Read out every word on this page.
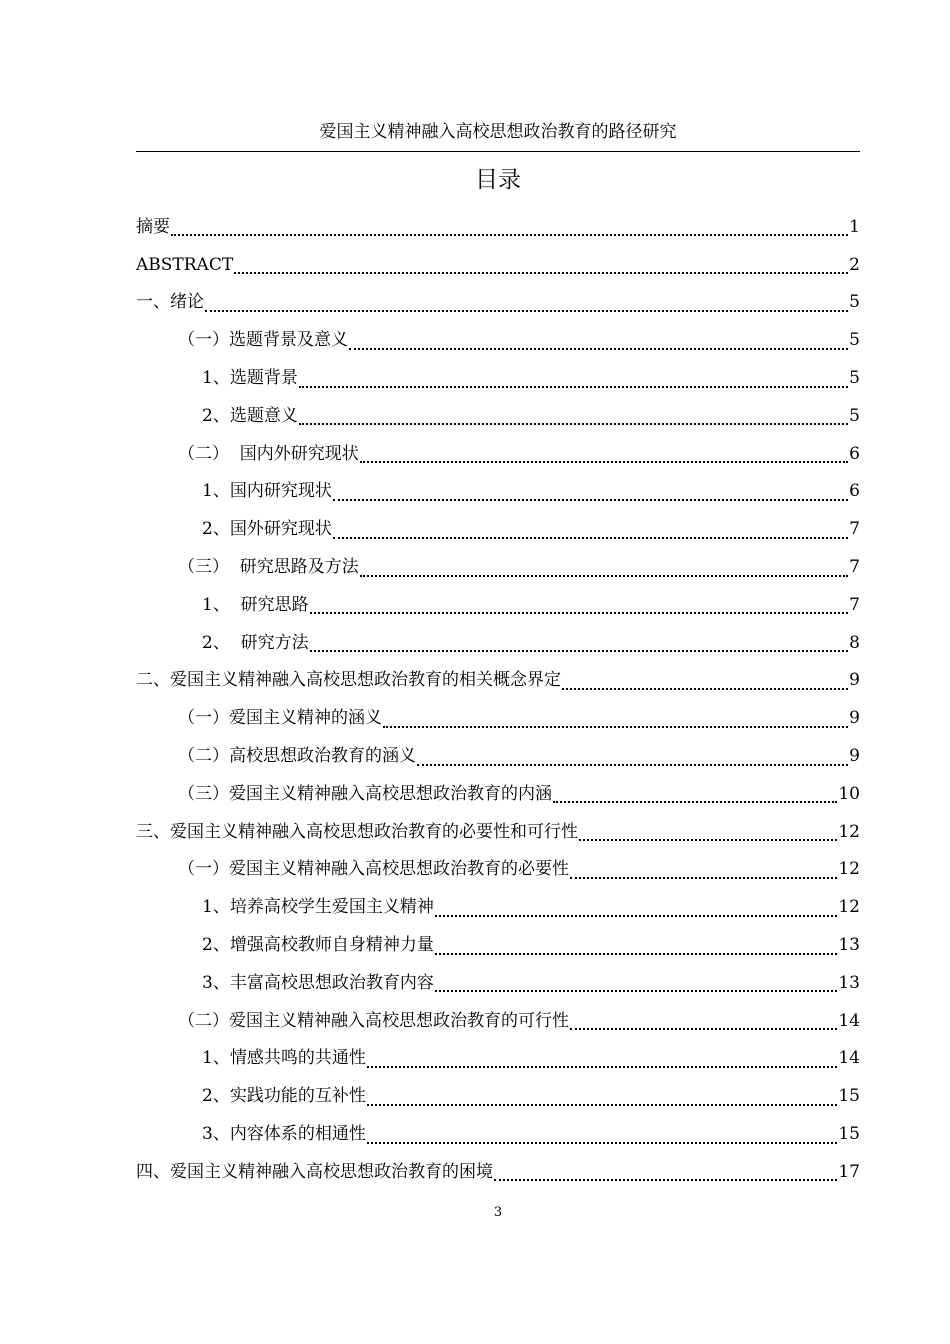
爱国主义精神融入高校思想政治教育的路径研究
目录
摘要	1
ABSTRACT	2
一、绪论	5
（一）选题背景及意义	5
1、选题背景	5
2、选题意义	5
（二）  国内外研究现状	6
1、国内研究现状	6
2、国外研究现状	7
（三）  研究思路及方法	7
1、  研究思路	7
2、  研究方法	8
二、爱国主义精神融入高校思想政治教育的相关概念界定	9
（一）爱国主义精神的涵义	9
（二）高校思想政治教育的涵义	9
（三）爱国主义精神融入高校思想政治教育的内涵	10
三、爱国主义精神融入高校思想政治教育的必要性和可行性	12
（一）爱国主义精神融入高校思想政治教育的必要性	12
1、培养高校学生爱国主义精神	12
2、增强高校教师自身精神力量	13
3、丰富高校思想政治教育内容	13
（二）爱国主义精神融入高校思想政治教育的可行性	14
1、情感共鸣的共通性	14
2、实践功能的互补性	15
3、内容体系的相通性	15
四、爱国主义精神融入高校思想政治教育的困境	17
3
